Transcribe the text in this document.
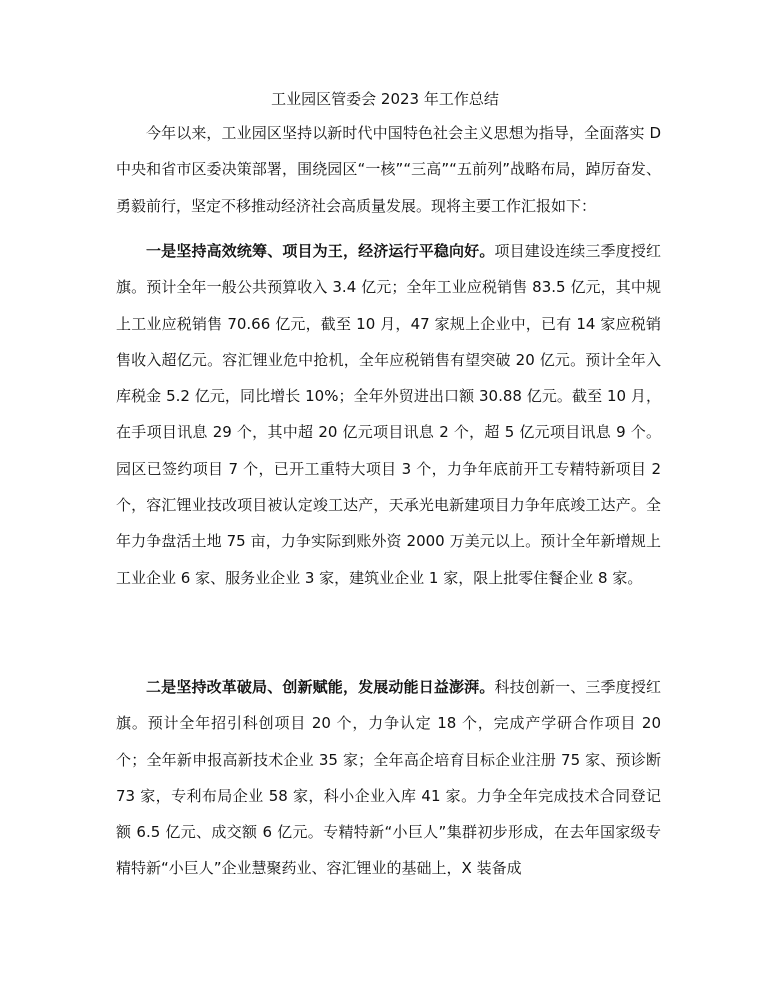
工业园区管委会 2023 年工作总结

今年以来，工业园区坚持以新时代中国特色社会主义思想为指导，全面落实 D 中央和省市区委决策部署，围绕园区“一核”“三高”“五前列”战略布局，踔厉奋发、勇毅前行，坚定不移推动经济社会高质量发展。现将主要工作汇报如下：

一是坚持高效统筹、项目为王，经济运行平稳向好。项目建设连续三季度授红旗。预计全年一般公共预算收入 3.4 亿元；全年工业应税销售 83.5 亿元，其中规上工业应税销售 70.66 亿元，截至 10 月，47 家规上企业中，已有 14 家应税销售收入超亿元。容汇锂业危中抢机，全年应税销售有望突破 20 亿元。预计全年入库税金 5.2 亿元，同比增长 10%；全年外贸进出口额 30.88 亿元。截至 10 月，在手项目讯息 29 个，其中超 20 亿元项目讯息 2 个，超 5 亿元项目讯息 9 个。园区已签约项目 7 个，已开工重特大项目 3 个，力争年底前开工专精特新项目 2 个，容汇锂业技改项目被认定竣工达产，天承光电新建项目力争年底竣工达产。全年力争盘活土地 75 亩，力争实际到账外资 2000 万美元以上。预计全年新增规上工业企业 6 家、服务业企业 3 家，建筑业企业 1 家，限上批零住餐企业 8 家。

二是坚持改革破局、创新赋能，发展动能日益澎湃。科技创新一、三季度授红旗。预计全年招引科创项目 20 个，力争认定 18 个，完成产学研合作项目 20 个；全年新申报高新技术企业 35 家；全年高企培育目标企业注册 75 家、预诊断 73 家，专利布局企业 58 家，科小企业入库 41 家。力争全年完成技术合同登记额 6.5 亿元、成交额 6 亿元。专精特新“小巨人”集群初步形成，在去年国家级专精特新“小巨人”企业慧聚药业、容汇锂业的基础上，X 装备成
